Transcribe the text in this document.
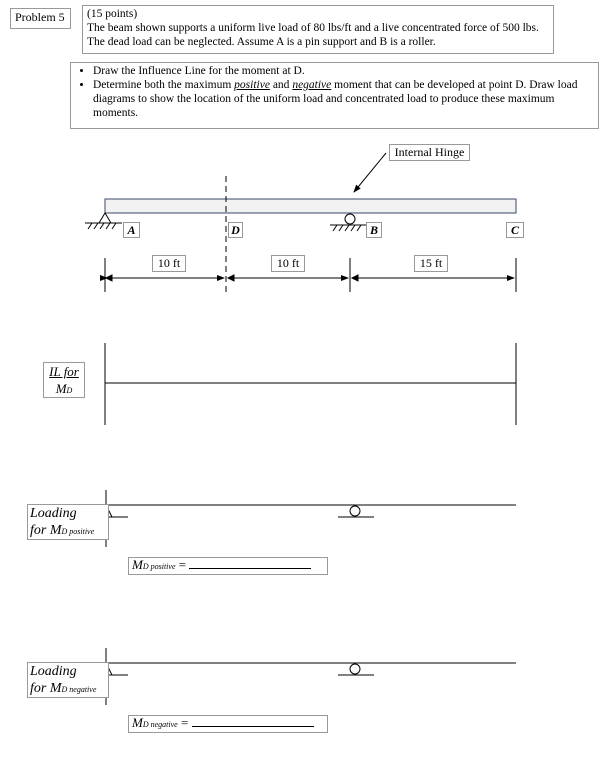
Problem 5	(15 points)
The beam shown supports a uniform live load of 80 lbs/ft and a live concentrated force of 500 lbs. The dead load can be neglected. Assume A is a pin support and B is a roller.
• Draw the Influence Line for the moment at D.
• Determine both the maximum positive and negative moment that can be developed at point D. Draw load diagrams to show the location of the uniform load and concentrated load to produce these maximum moments.
Internal Hinge
A	D	B	C
10 ft	10 ft	15 ft
IL for
MD
Loading
for MD positive
MD positive =
Loading
for MD negative
MD negative =
